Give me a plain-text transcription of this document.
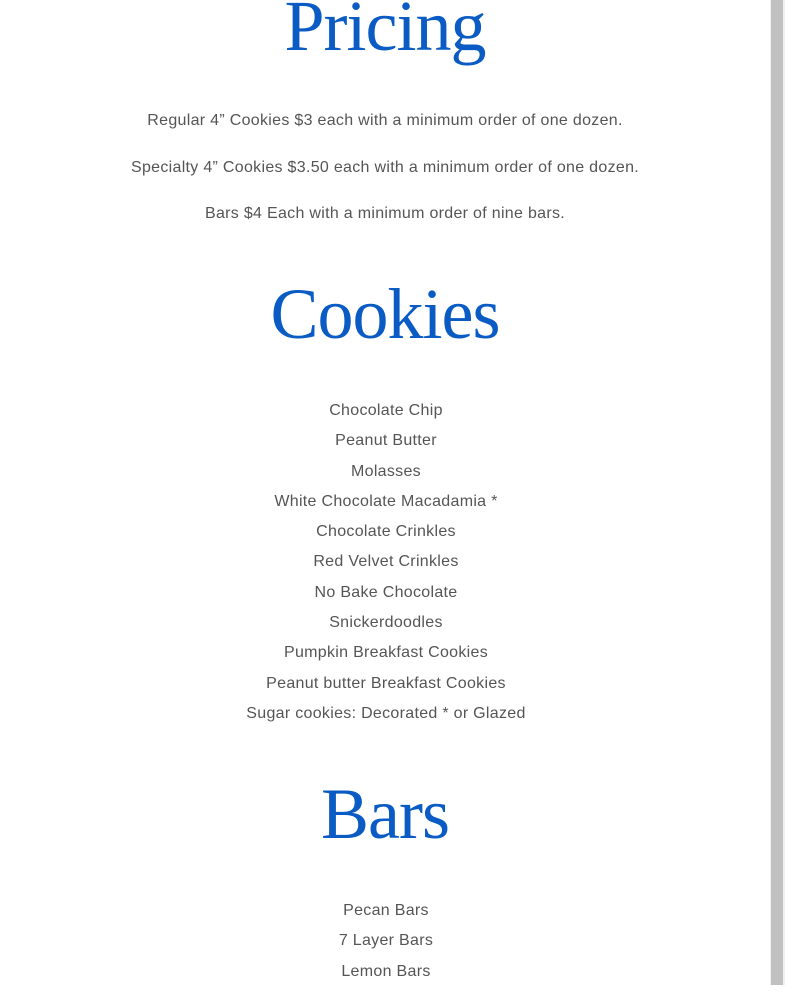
Pricing

Regular 4” Cookies $3 each with a minimum order of one dozen.

Specialty 4” Cookies $3.50 each with a minimum order of one dozen.

Bars $4 Each with a minimum order of nine bars.

Cookies
Chocolate Chip
Peanut Butter
Molasses
White Chocolate Macadamia *
Chocolate Crinkles
Red Velvet Crinkles
No Bake Chocolate
Snickerdoodles
Pumpkin Breakfast Cookies
Peanut butter Breakfast Cookies
Sugar cookies: Decorated * or Glazed
Bars
Pecan Bars
7 Layer Bars
Lemon Bars
